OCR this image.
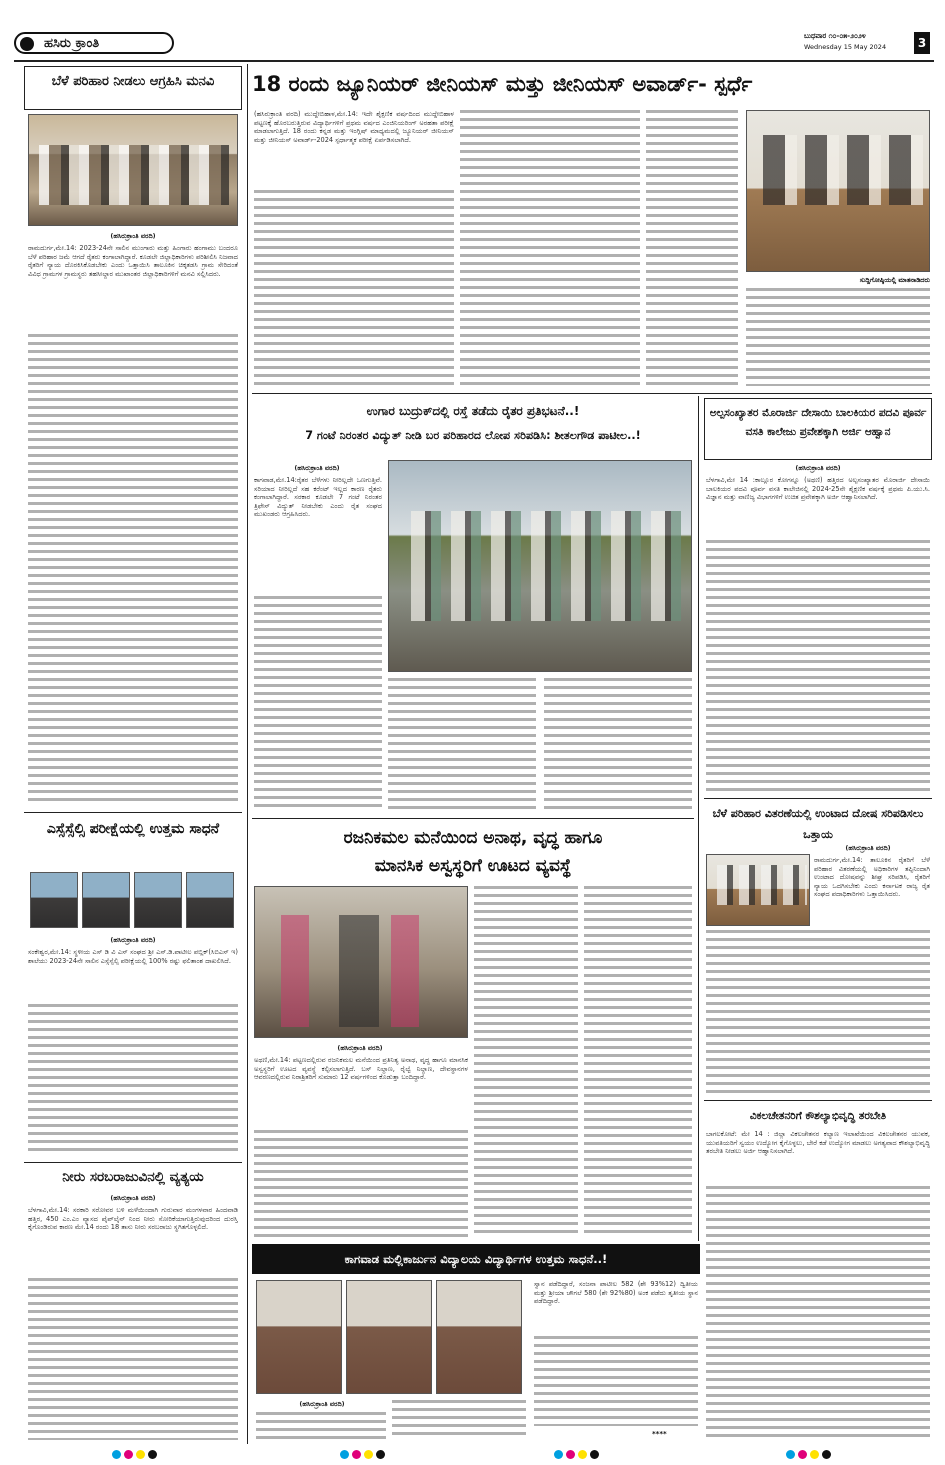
ಹಸಿರು ಕ್ರಾಂತಿ	ಬುಧವಾರ ೧೦-೦೫-೨೦೨೪
Wednesday 15 May 2024	3
ಬೆಳೆ ಪರಿಹಾರ ನೀಡಲು ಆಗ್ರಹಿಸಿ ಮನವಿ
(ಹಸಿರುಕ್ರಾಂತಿ ವರದಿ)
ರಾಮದುರ್ಗ,ಮೇ.14: 2023-24ನೇ ಸಾಲಿನ ಮುಂಗಾರು ಮತ್ತು ಹಿಂಗಾರು ಹಂಗಾಮು ಬಂದರೂ ಬೆಳೆ ಪರಿಹಾರ ಜಮೆ ಆಗದೆ ರೈತರು ಕಂಗಾಲಾಗಿದ್ದಾರೆ. ಕೂಡಲೇ ಜಿಲ್ಲಾಧಿಕಾರಿಗಳು ಪರಿಶೀಲಿಸಿ ನಿಜವಾದ ರೈತರಿಗೆ ನ್ಯಾಯ ದೊರಕಿಸಿಕೊಡಬೇಕು ಎಂದು ಒತ್ತಾಯಿಸಿ ತಾಲೂಕಿನ ಚಿಕ್ಕತಡಸಿ ಗ್ರಾಮ ಸೇರಿದಂತೆ ವಿವಿಧ ಗ್ರಾಮಗಳ ಗ್ರಾಮಸ್ಥರು ತಹಸೀಲ್ದಾರ ಮುಖಾಂತರ ಜಿಲ್ಲಾಧಿಕಾರಿಗಳಿಗೆ ಮನವಿ ಸಲ್ಲಿಸಿದರು.
ಎಸ್ಸೆಸ್ಸೆಲ್ಸಿ ಪರೀಕ್ಷೆಯಲ್ಲಿ ಉತ್ತಮ ಸಾಧನೆ
(ಹಸಿರುಕ್ರಾಂತಿ ವರದಿ)
ಸಂಕೇಶ್ವರ,ಮೇ.14: ಸ್ಥಳೀಯ ಎಸ್ ಡಿ ವಿ ಎಸ್ ಸಂಘದ ಶ್ರೀ ಎಸ್.ಡಿ.ಪಾಟೀಲ ಪಬ್ಲಿಕ್(ಸಿಬಿಎಸ್ ಇ) ಶಾಲೆಯು 2023-24ನೇ ಸಾಲಿನ ಎಸ್ಸೆಸ್ಸೆಲ್ಸಿ ಪರೀಕ್ಷೆಯಲ್ಲಿ 100% ರಷ್ಟು ಫಲಿತಾಂಶ ದಾಖಲಿಸಿದೆ.
ನೀರು ಸರಬರಾಜುವಿನಲ್ಲಿ ವ್ಯತ್ಯಯ
(ಹಸಿರುಕ್ರಾಂತಿ ವರದಿ)
ಬೆಳಗಾವಿ,ಮೇ.14: ಸರಕಾರಿ ಸರೋವರ ಬಳಿ ಮಳೆಯಿಂದಾಗಿ ಗುರುವಾರ ಮಂಗಳವಾರ ಹಿಂದವಾಡಿ ಹತ್ತಿರ, 450 ಎಂ.ಎಂ ವ್ಯಾಸದ ಪೈಪ್‌ಲೈನ್ ನಿಂದ ನೀರು ಸೋರಿಕೆಯಾಗುತ್ತಿರುವುದರಿಂದ ದುರಸ್ತಿ ಕೈಗೊಂಡಿರುವ ಕಾರಣ ಮೇ.14 ರಂದು 18 ತಾಸು ನೀರು ಸರಬರಾಜು ಸ್ಥಗಿತಗೊಳ್ಳಲಿದೆ.
18 ರಂದು ಜ್ಯೂನಿಯರ್ ಜೀನಿಯಸ್ ಮತ್ತು ಜೀನಿಯಸ್ ಅವಾರ್ಡ್- ಸ್ಪರ್ಧೆ
(ಹಸಿರುಕ್ರಾಂತಿ ವರದಿ) ಮುದ್ದೇಬಿಹಾಳ,ಮೇ.14: ಇದೇ ಶೈಕ್ಷಣಿಕ ವರ್ಷದಿಂದ ಮುದ್ದೇಬಿಹಾಳ ಪಟ್ಟಣಕ್ಕೆ ಹೊರಬರುತ್ತಿರುವ ವಿದ್ಯಾರ್ಥಿಗಳಿಗೆ ಪ್ರಥಮ ವರ್ಷದ ಎಂಜಿನಿಯರಿಂಗ್ ಅರಹತಾ ಪರೀಕ್ಷೆ ಮಾಡಲಾಗುತ್ತಿದೆ. 18 ರಂದು ಕನ್ನಡ ಮತ್ತು ಇಂಗ್ಲಿಷ್ ಮಾಧ್ಯಮದಲ್ಲಿ ಜ್ಯೂನಿಯರ್ ಜೀನಿಯಸ್ ಮತ್ತು ಜೀನಿಯಸ್ ಅವಾರ್ಡ್-2024 ಸ್ಪರ್ಧಾತ್ಮಕ ಪರೀಕ್ಷೆ ಏರ್ಪಡಿಸಲಾಗಿದೆ.
ಸುದ್ದಿಗೋಷ್ಠಿಯಲ್ಲಿ ಮಾತನಾಡಿದರು
ಉಗಾರ ಬುದ್ರುಕ್‌ದಲ್ಲಿ ರಸ್ತೆ ತಡೆದು ರೈತರ ಪ್ರತಿಭಟನೆ..!
7 ಗಂಟೆ ನಿರಂತರ ವಿದ್ಯುತ್ ನೀಡಿ ಬರ ಪರಿಹಾರದ ಲೋಪ ಸರಿಪಡಿಸಿ: ಶೀತಲಗೌಡ ಪಾಟೀಲ..!
(ಹಸಿರುಕ್ರಾಂತಿ ವರದಿ)
ಕಾಗವಾಡ,ಮೇ.14:ರೈತರ ಬೆಳೆಗಳು ನೀರಿಲ್ಲದೇ ಒಣಗುತ್ತಿವೆ. ಸರಿಯಾದ ನೀರಿಲ್ಲದೆ ಸಹ ಕರೆಂಟ್ ಇಲ್ಲದ ಕಾರಣ ರೈತರು ಕಂಗಾಲಾಗಿದ್ದಾರೆ. ಸರಕಾರ ಕೂಡಲೇ 7 ಗಂಟೆ ನಿರಂತರ ತ್ರಿಫೇಸ್ ವಿದ್ಯುತ್ ನೀಡಬೇಕು ಎಂದು ರೈತ ಸಂಘದ ಮುಖಂಡರು ಆಗ್ರಹಿಸಿದರು.
ರಜನಿಕಮಲ ಮನೆಯಿಂದ ಅನಾಥ, ವೃದ್ಧ ಹಾಗೂ
ಮಾನಸಿಕ ಅಸ್ವಸ್ಥರಿಗೆ ಊಟದ ವ್ಯವಸ್ಥೆ
(ಹಸಿರುಕ್ರಾಂತಿ ವರದಿ)
ಅಥಣಿ,ಮೇ.14: ಪಟ್ಟಣದಲ್ಲಿರುವ ರಜನಿಕಮಲ ಮನೆಯಿಂದ ಪ್ರತಿನಿತ್ಯ ಅನಾಥ, ವೃದ್ಧ ಹಾಗೂ ಮಾನಸಿಕ ಅಸ್ವಸ್ಥರಿಗೆ ಊಟದ ವ್ಯವಸ್ಥೆ ಕಲ್ಪಿಸಲಾಗುತ್ತಿದೆ. ಬಸ್ ನಿಲ್ದಾಣ, ರೈಲ್ವೆ ನಿಲ್ದಾಣ, ದೇವಸ್ಥಾನಗಳ ಆವರಣದಲ್ಲಿರುವ ನಿರಾಶ್ರಿತರಿಗೆ ಸುಮಾರು 12 ವರ್ಷಗಳಿಂದ ಕೊಡುತ್ತಾ ಬಂದಿದ್ದಾರೆ.
ಅಲ್ಪಸಂಖ್ಯಾತರ ಮೊರಾರ್ಜಿ ದೇಸಾಯಿ ಬಾಲಕಿಯರ ಪದವಿ ಪೂರ್ವ ವಸತಿ ಕಾಲೇಜು ಪ್ರವೇಶಕ್ಕಾಗಿ ಅರ್ಜಿ ಆಹ್ವಾನ
(ಹಸಿರುಕ್ರಾಂತಿ ವರದಿ)
ಬೆಳಗಾವಿ,ಮೇ 14 :ಕಾಲ್ಲೂರ ಕೋಗನ್ನೂ (ಅಥಣಿ) ಹತ್ತಿರದ ಅಲ್ಪಸಂಖ್ಯಾತರ ಮೊರಾರ್ಜಿ ದೇಸಾಯಿ ಬಾಲಕಿಯರ ಪದವಿ ಪೂರ್ವ ವಸತಿ ಕಾಲೇಜಿನಲ್ಲಿ 2024-25ನೇ ಶೈಕ್ಷಣಿಕ ವರ್ಷಕ್ಕೆ ಪ್ರಥಮ ಪಿ.ಯು.ಸಿ. ವಿಜ್ಞಾನ ಮತ್ತು ವಾಣಿಜ್ಯ ವಿಭಾಗಗಳಿಗೆ ಉಚಿತ ಪ್ರವೇಶಕ್ಕಾಗಿ ಅರ್ಜಿ ಆಹ್ವಾನಿಸಲಾಗಿದೆ.
ಬೆಳೆ ಪರಿಹಾರ ವಿತರಣೆಯಲ್ಲಿ ಉಂಟಾದ ದೋಷ ಸರಿಪಡಿಸಲು ಒತ್ತಾಯ
(ಹಸಿರುಕ್ರಾಂತಿ ವರದಿ)
ರಾಮದುರ್ಗ,ಮೇ.14: ತಾಲೂಕಿನ ರೈತರಿಗೆ ಬೆಳೆ ಪರಿಹಾರ ವಿತರಣೆಯಲ್ಲಿ ಅಧಿಕಾರಿಗಳ ತಪ್ಪಿನಿಂದಾಗಿ ಉಂಟಾದ ದೋಷವನ್ನು ಶೀಘ್ರ ಸರಿಪಡಿಸಿ, ರೈತರಿಗೆ ನ್ಯಾಯ ಒದಗಿಸಬೇಕು ಎಂದು ಕರ್ನಾಟಕ ರಾಜ್ಯ ರೈತ ಸಂಘದ ಪದಾಧಿಕಾರಿಗಳು ಒತ್ತಾಯಿಸಿದರು.
ವಿಕಲಚೇತನರಿಗೆ ಕೌಶಲ್ಯಾಭಿವೃದ್ಧಿ ತರಬೇತಿ
ಬಾಗಲಕೋಟೆ: ಮೇ 14 : ಜಿಲ್ಲಾ ವಿಕಲಚೇತನರ ಕಲ್ಯಾಣ ಇಲಾಖೆಯಿಂದ ವಿಕಲಚೇತನರ ಯುವಕ, ಯುವತಿಯರಿಗೆ ಸ್ವಯಂ ಉದ್ಯೋಗ ಕೈಗೊಳ್ಳಲು, ಬೇರೆ ಕಡೆ ಉದ್ಯೋಗ ಮಾಡಲು ಅಗತ್ಯವಾದ ಕೌಶಲ್ಯಾಭಿವೃದ್ಧಿ ತರಬೇತಿ ನೀಡಲು ಅರ್ಜಿ ಆಹ್ವಾನಿಸಲಾಗಿದೆ.
ಕಾಗವಾಡ ಮಲ್ಲಿಕಾರ್ಜುನ ವಿದ್ಯಾಲಯ ವಿದ್ಯಾರ್ಥಿಗಳ ಉತ್ತಮ ಸಾಧನೆ..!
(ಹಸಿರುಕ್ರಾಂತಿ ವರದಿ)
ಸ್ವಾನ ಪಡೆದಿದ್ದಾರೆ, ಸಂಜನಾ ಪಾಟೀಲ 582 (ಶೇ 93%12) ದ್ವಿತೀಯ ಮತ್ತು ಶ್ರೀಯಾ ಚೌಗಲೆ 580 (ಶೇ 92%80) ಅಂಕ ಪಡೆದು ತೃತೀಯ ಸ್ಥಾನ ಪಡೆದಿದ್ದಾರೆ.
****
